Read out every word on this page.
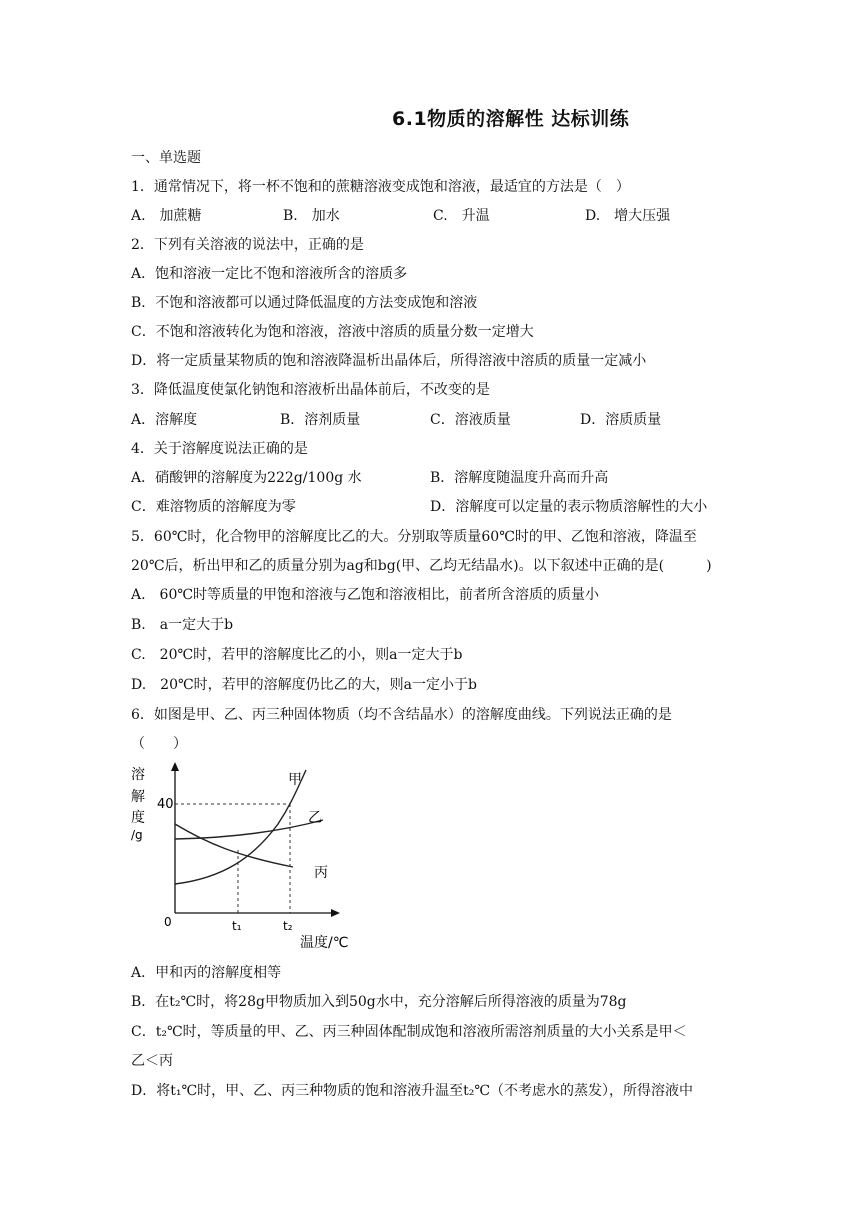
6.1物质的溶解性 达标训练
一、单选题
1．通常情况下，将一杯不饱和的蔗糖溶液变成饱和溶液，最适宜的方法是（　）
A.　加蔗糖	B.　加水	C.　升温	D.　增大压强
2．下列有关溶液的说法中，正确的是
A．饱和溶液一定比不饱和溶液所含的溶质多
B．不饱和溶液都可以通过降低温度的方法变成饱和溶液
C．不饱和溶液转化为饱和溶液，溶液中溶质的质量分数一定增大
D．将一定质量某物质的饱和溶液降温析出晶体后，所得溶液中溶质的质量一定减小
3．降低温度使氯化钠饱和溶液析出晶体前后，不改变的是
A．溶解度	B．溶剂质量	C．溶液质量	D．溶质质量
4．关于溶解度说法正确的是
A．硝酸钾的溶解度为222g/100g 水	B．溶解度随温度升高而升高
C．难溶物质的溶解度为零	D．溶解度可以定量的表示物质溶解性的大小
5．60℃时，化合物甲的溶解度比乙的大。分别取等质量60℃时的甲、乙饱和溶液，降温至
20℃后，析出甲和乙的质量分别为ag和bg(甲、乙均无结晶水)。以下叙述中正确的是(　　　)
A.　60℃时等质量的甲饱和溶液与乙饱和溶液相比，前者所含溶质的质量小
B.　a一定大于b
C.　20℃时，若甲的溶解度比乙的小，则a一定大于b
D.　20℃时，若甲的溶解度仍比乙的大，则a一定小于b
6．如图是甲、乙、丙三种固体物质（均不含结晶水）的溶解度曲线。下列说法正确的是
（　　）
溶
解
度
/g
40
0
甲
乙
丙
t₁	t₂
温度/℃
A．甲和丙的溶解度相等
B．在t₂℃时，将28g甲物质加入到50g水中，充分溶解后所得溶液的质量为78g
C．t₂℃时，等质量的甲、乙、丙三种固体配制成饱和溶液所需溶剂质量的大小关系是甲＜
乙＜丙
D．将t₁℃时，甲、乙、丙三种物质的饱和溶液升温至t₂℃（不考虑水的蒸发），所得溶液中
